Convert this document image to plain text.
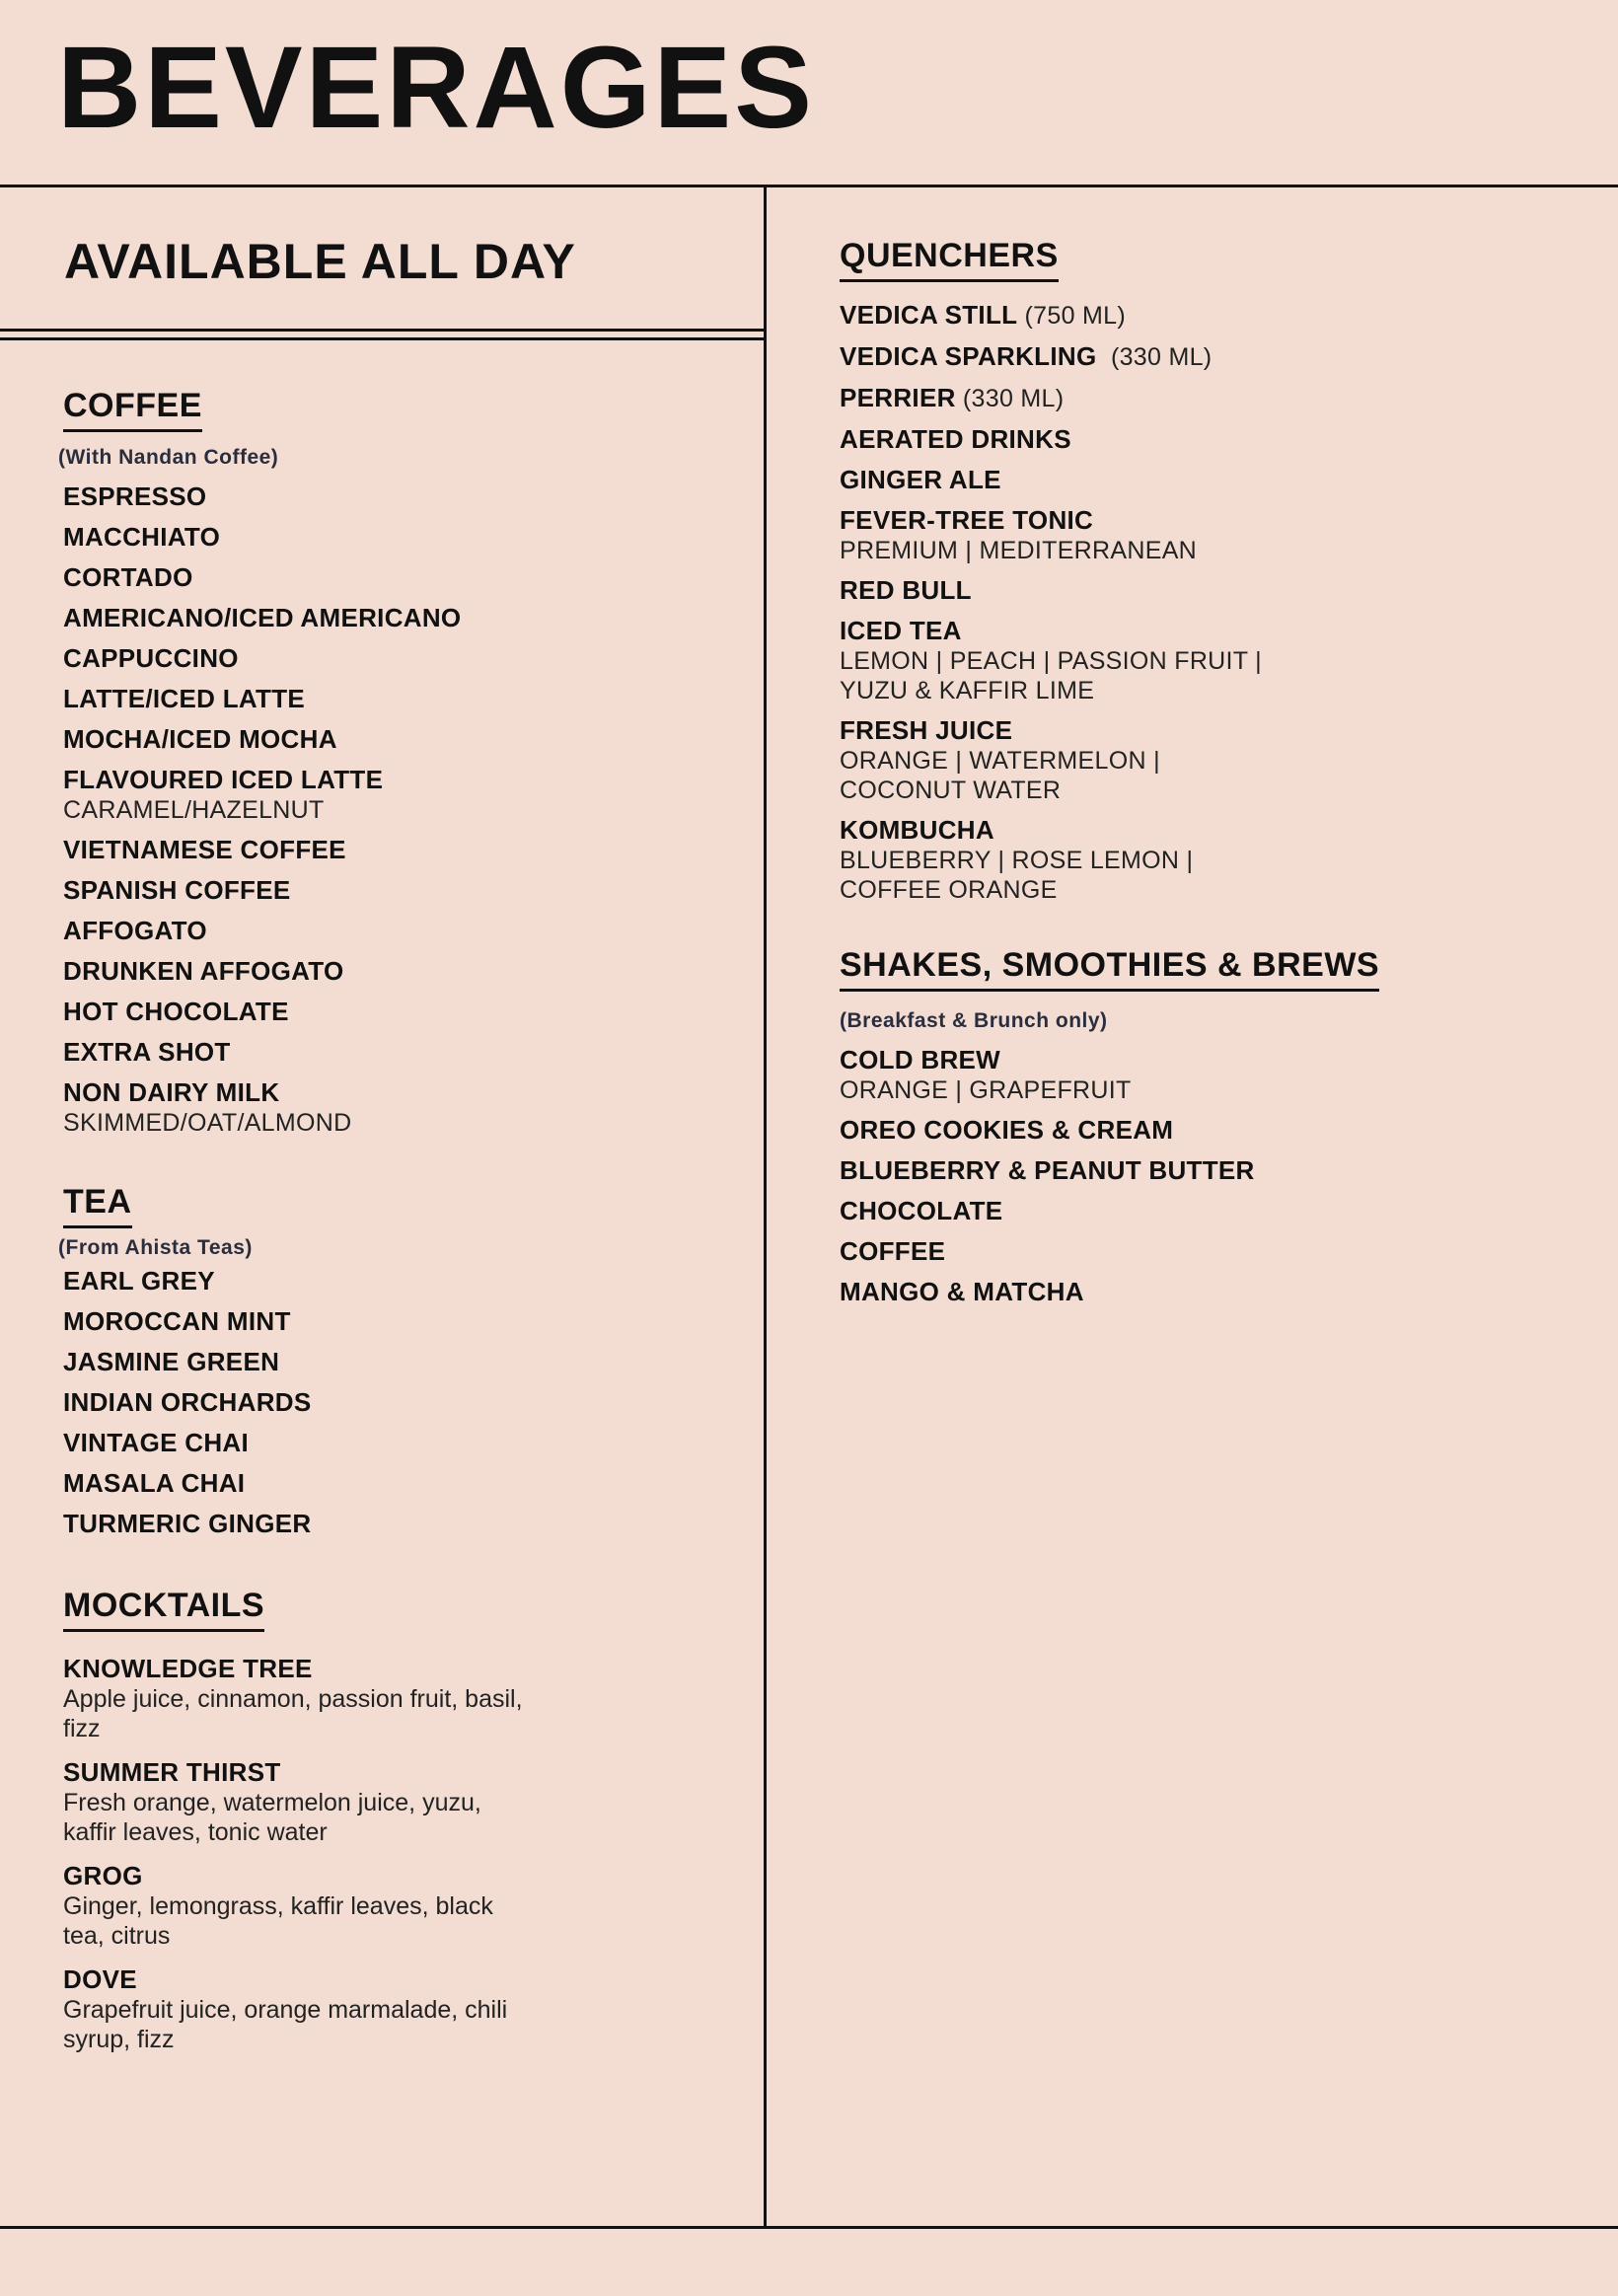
BEVERAGES
AVAILABLE ALL DAY
COFFEE
(With Nandan Coffee)
ESPRESSO
MACCHIATO
CORTADO
AMERICANO/ICED AMERICANO
CAPPUCCINO
LATTE/ICED LATTE
MOCHA/ICED MOCHA
FLAVOURED ICED LATTE
CARAMEL/HAZELNUT
VIETNAMESE COFFEE
SPANISH COFFEE
AFFOGATO
DRUNKEN AFFOGATO
HOT CHOCOLATE
EXTRA SHOT
NON DAIRY MILK
SKIMMED/OAT/ALMOND
TEA
(From Ahista Teas)
EARL GREY
MOROCCAN MINT
JASMINE GREEN
INDIAN ORCHARDS
VINTAGE CHAI
MASALA CHAI
TURMERIC GINGER
MOCKTAILS
KNOWLEDGE TREE
Apple juice, cinnamon, passion fruit, basil, fizz
SUMMER THIRST
Fresh orange, watermelon juice, yuzu, kaffir leaves, tonic water
GROG
Ginger, lemongrass, kaffir leaves, black tea, citrus
DOVE
Grapefruit juice, orange marmalade, chili syrup, fizz
QUENCHERS
VEDICA STILL (750 ML)
VEDICA SPARKLING  (330 ML)
PERRIER (330 ML)
AERATED DRINKS
GINGER ALE
FEVER-TREE TONIC
PREMIUM | MEDITERRANEAN
RED BULL
ICED TEA
LEMON | PEACH | PASSION FRUIT | YUZU & KAFFIR LIME
FRESH JUICE
ORANGE | WATERMELON | COCONUT WATER
KOMBUCHA
BLUEBERRY | ROSE LEMON | COFFEE ORANGE
SHAKES, SMOOTHIES & BREWS
(Breakfast & Brunch only)
COLD BREW
ORANGE | GRAPEFRUIT
OREO COOKIES & CREAM
BLUEBERRY & PEANUT BUTTER
CHOCOLATE
COFFEE
MANGO & MATCHA
